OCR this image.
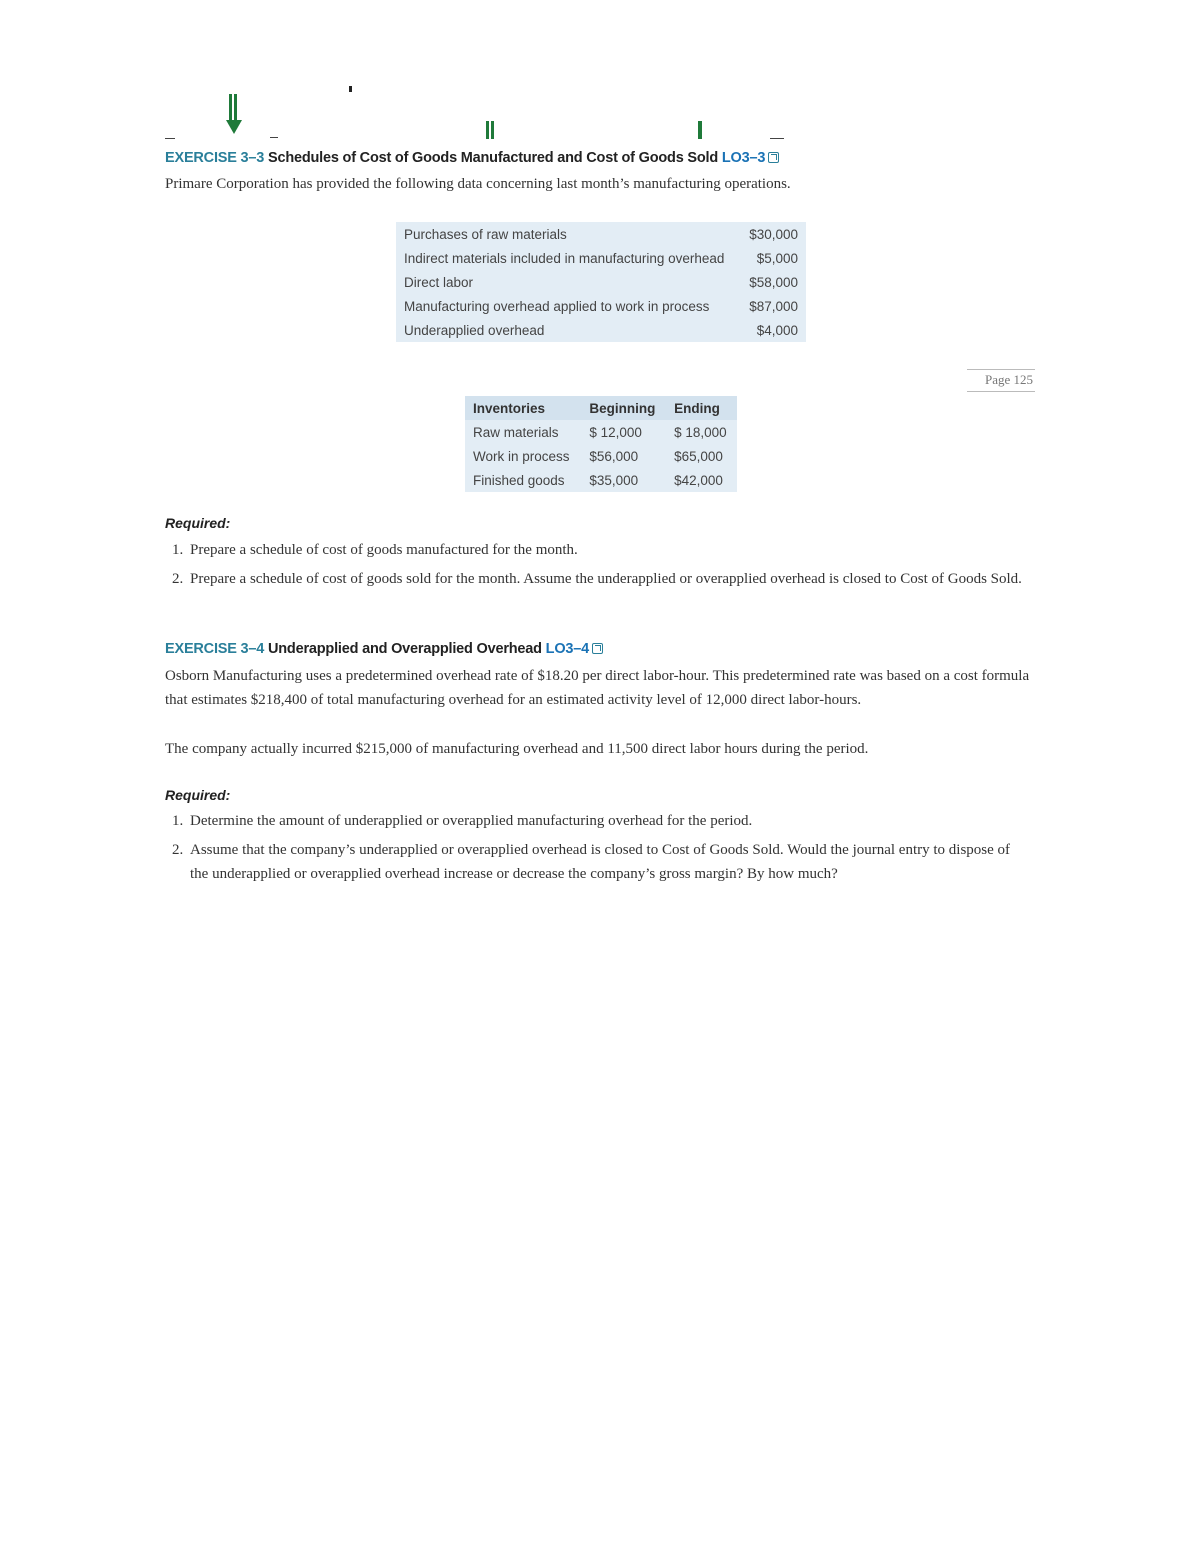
EXERCISE 3–3 Schedules of Cost of Goods Manufactured and Cost of Goods Sold LO3–3
Primare Corporation has provided the following data concerning last month’s manufacturing operations.
Purchases of raw materials	$30,000
Indirect materials included in manufacturing overhead	$5,000
Direct labor	$58,000
Manufacturing overhead applied to work in process	$87,000
Underapplied overhead	$4,000
Page 125
Inventories	Beginning	Ending
Raw materials	$ 12,000	$ 18,000
Work in process	$56,000	$65,000
Finished goods	$35,000	$42,000
Required:
1. Prepare a schedule of cost of goods manufactured for the month.
2. Prepare a schedule of cost of goods sold for the month. Assume the underapplied or overapplied overhead is closed to Cost of Goods Sold.
EXERCISE 3–4 Underapplied and Overapplied Overhead LO3–4
Osborn Manufacturing uses a predetermined overhead rate of $18.20 per direct labor-hour. This predetermined rate was based on a cost formula that estimates $218,400 of total manufacturing overhead for an estimated activity level of 12,000 direct labor-hours.
The company actually incurred $215,000 of manufacturing overhead and 11,500 direct labor hours during the period.
Required:
1. Determine the amount of underapplied or overapplied manufacturing overhead for the period.
2. Assume that the company’s underapplied or overapplied overhead is closed to Cost of Goods Sold. Would the journal entry to dispose of the underapplied or overapplied overhead increase or decrease the company’s gross margin? By how much?
